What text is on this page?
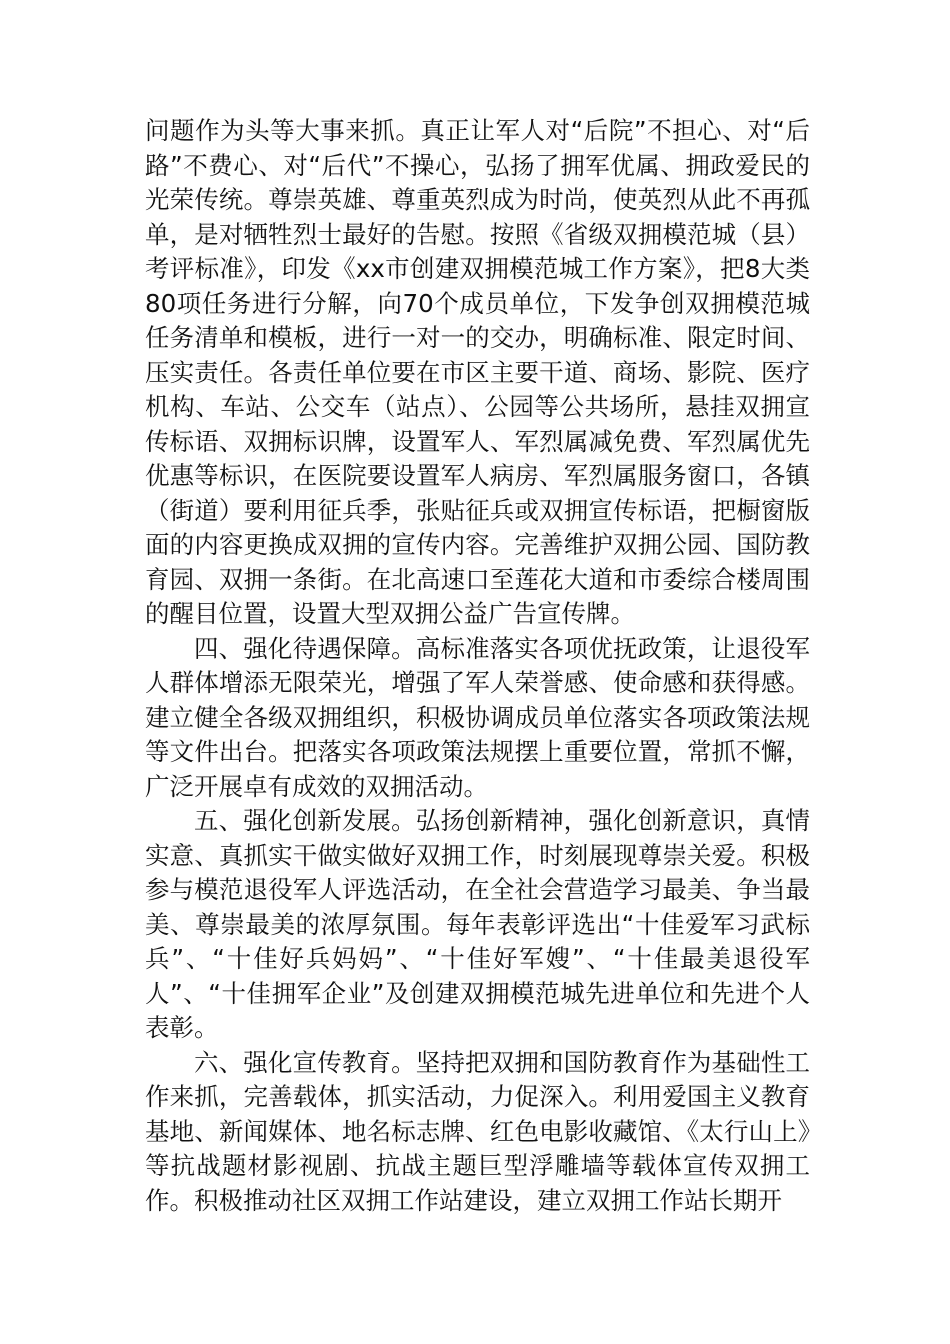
问题作为头等大事来抓。真正让军人对“后院”不担心、对“后路”不费心、对“后代”不操心，弘扬了拥军优属、拥政爱民的光荣传统。尊崇英雄、尊重英烈成为时尚，使英烈从此不再孤单，是对牺牲烈士最好的告慰。按照《省级双拥模范城（县）考评标准》，印发《xx市创建双拥模范城工作方案》，把8大类80项任务进行分解，向70个成员单位，下发争创双拥模范城任务清单和模板，进行一对一的交办，明确标准、限定时间、压实责任。各责任单位要在市区主要干道、商场、影院、医疗机构、车站、公交车（站点）、公园等公共场所，悬挂双拥宣传标语、双拥标识牌，设置军人、军烈属减免费、军烈属优先优惠等标识，在医院要设置军人病房、军烈属服务窗口，各镇（街道）要利用征兵季，张贴征兵或双拥宣传标语，把橱窗版面的内容更换成双拥的宣传内容。完善维护双拥公园、国防教育园、双拥一条街。在北高速口至莲花大道和市委综合楼周围的醒目位置，设置大型双拥公益广告宣传牌。

四、强化待遇保障。高标准落实各项优抚政策，让退役军人群体增添无限荣光，增强了军人荣誉感、使命感和获得感。建立健全各级双拥组织，积极协调成员单位落实各项政策法规等文件出台。把落实各项政策法规摆上重要位置，常抓不懈，广泛开展卓有成效的双拥活动。

五、强化创新发展。弘扬创新精神，强化创新意识，真情实意、真抓实干做实做好双拥工作，时刻展现尊崇关爱。积极参与模范退役军人评选活动，在全社会营造学习最美、争当最美、尊崇最美的浓厚氛围。每年表彰评选出“十佳爱军习武标兵”、“十佳好兵妈妈”、“十佳好军嫂”、“十佳最美退役军人”、“十佳拥军企业”及创建双拥模范城先进单位和先进个人表彰。

六、强化宣传教育。坚持把双拥和国防教育作为基础性工作来抓，完善载体，抓实活动，力促深入。利用爱国主义教育基地、新闻媒体、地名标志牌、红色电影收藏馆、《太行山上》等抗战题材影视剧、抗战主题巨型浮雕墙等载体宣传双拥工作。积极推动社区双拥工作站建设，建立双拥工作站长期开
